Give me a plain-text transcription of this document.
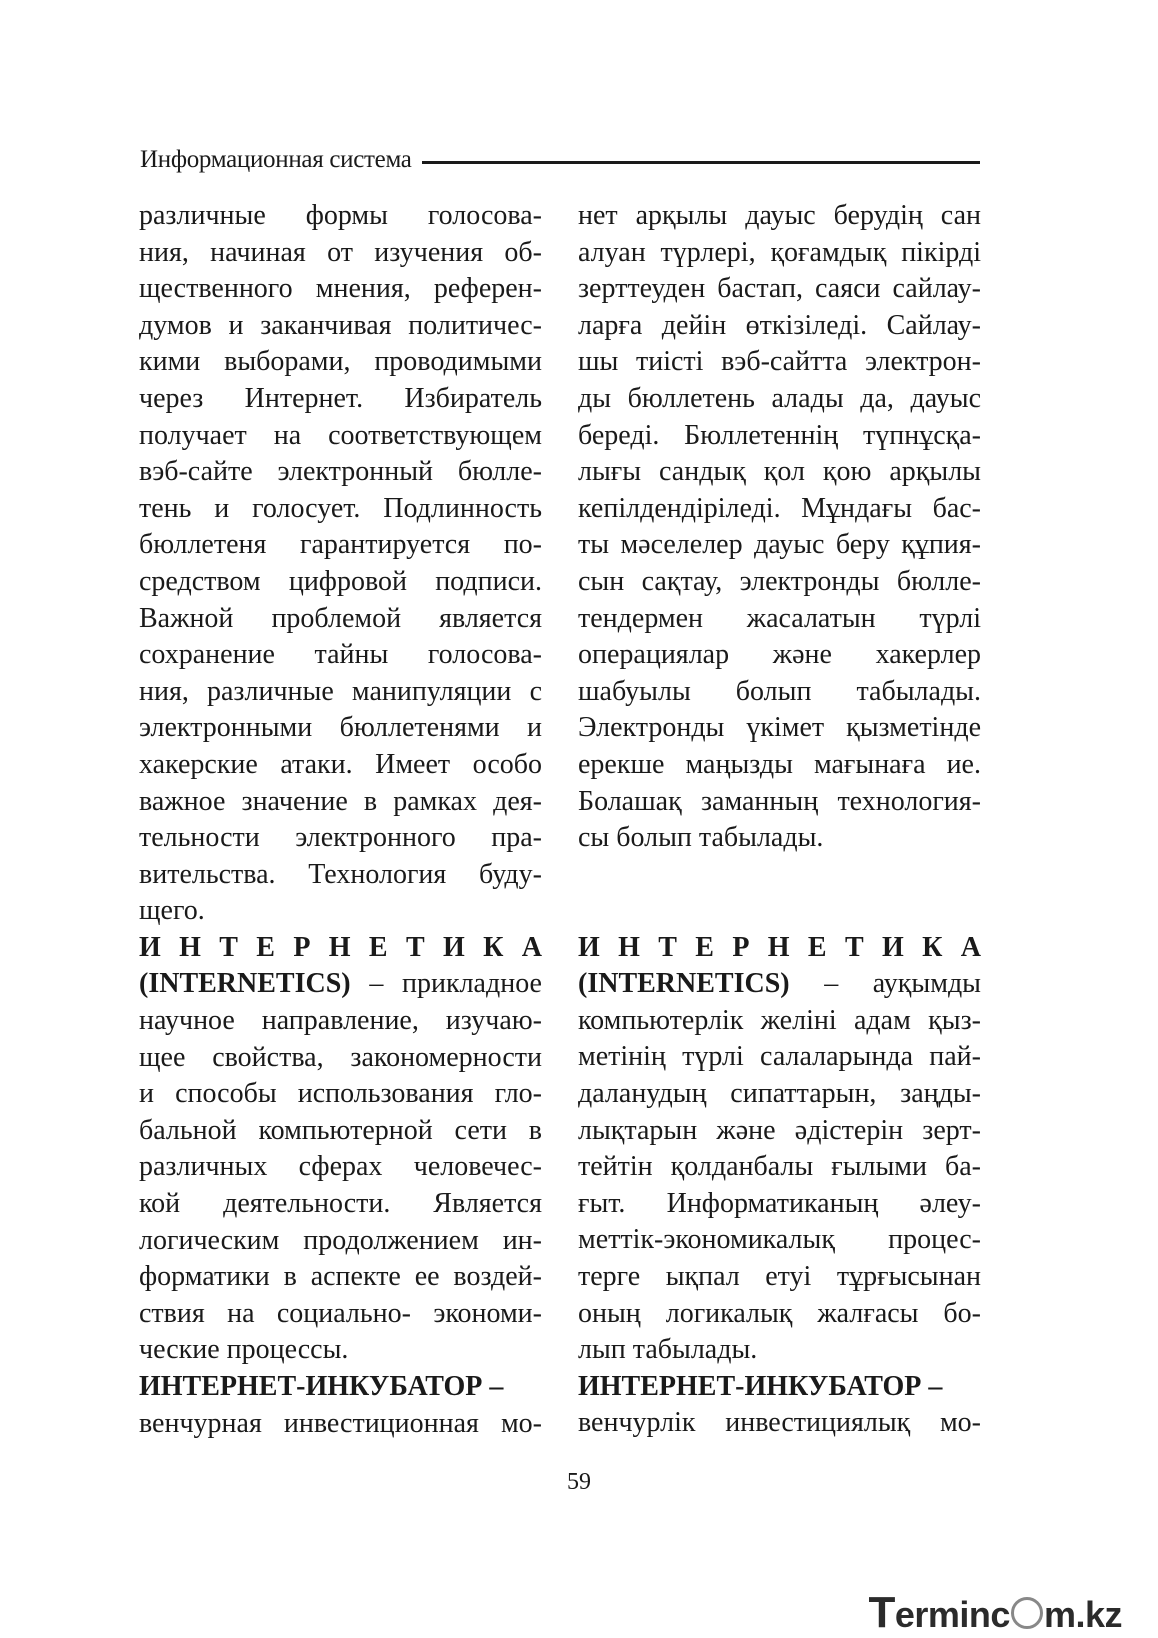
Информационная система
различные формы голосова-
ния, начиная от изучения об-
щественного мнения, референ-
думов и заканчивая политичес-
кими выборами, проводимыми
через Интернет. Избиратель
получает на соответствующем
вэб-сайте электронный бюлле-
тень и голосует. Подлинность
бюллетеня гарантируется по-
средством цифровой подписи.
Важной проблемой является
сохранение тайны голосова-
ния, различные манипуляции с
электронными бюллетенями и
хакерские атаки. Имеет особо
важное значение в рамках дея-
тельности электронного пра-
вительства. Технология буду-
щего.
И Н Т Е Р Н Е Т И К А
(INTERNETICS) – прикладное
научное направление, изучаю-
щее свойства, закономерности
и способы использования гло-
бальной компьютерной сети в
различных сферах человечес-
кой деятельности. Является
логическим продолжением ин-
форматики в аспекте ее воздей-
ствия на социально- экономи-
ческие процессы.
ИНТЕРНЕТ-ИНКУБАТОР –
венчурная инвестиционная мо-
нет арқылы дауыс берудің сан
алуан түрлері, қоғамдық пікірді
зерттеуден бастап, саяси сайлау-
ларға дейін өткізіледі. Сайлау-
шы тиісті вэб-сайтта электрон-
ды бюллетень алады да, дауыс
береді. Бюллетеннің түпнұсқа-
лығы сандық қол қою арқылы
кепілдендіріледі. Мұндағы бас-
ты мәселелер дауыс беру құпия-
сын сақтау, электронды бюлле-
тендермен жасалатын түрлі
операциялар және хакерлер
шабуылы болып табылады.
Электронды үкімет қызметінде
ерекше маңызды мағынаға ие.
Болашақ заманның технология-
сы болып табылады.
И Н Т Е Р Н Е Т И К А
(INTERNETICS) – ауқымды
компьютерлік желіні адам қыз-
метінің түрлі салаларында пай-
даланудың сипаттарын, заңды-
лықтарын және әдістерін зерт-
тейтін қолданбалы ғылыми ба-
ғыт. Информатиканың әлеу-
меттік-экономикалық процес-
терге ықпал етуі тұрғысынан
оның логикалық жалғасы бо-
лып табылады.
ИНТЕРНЕТ-ИНКУБАТОР –
венчурлік инвестициялық мо-
59
T erminc m.kz
